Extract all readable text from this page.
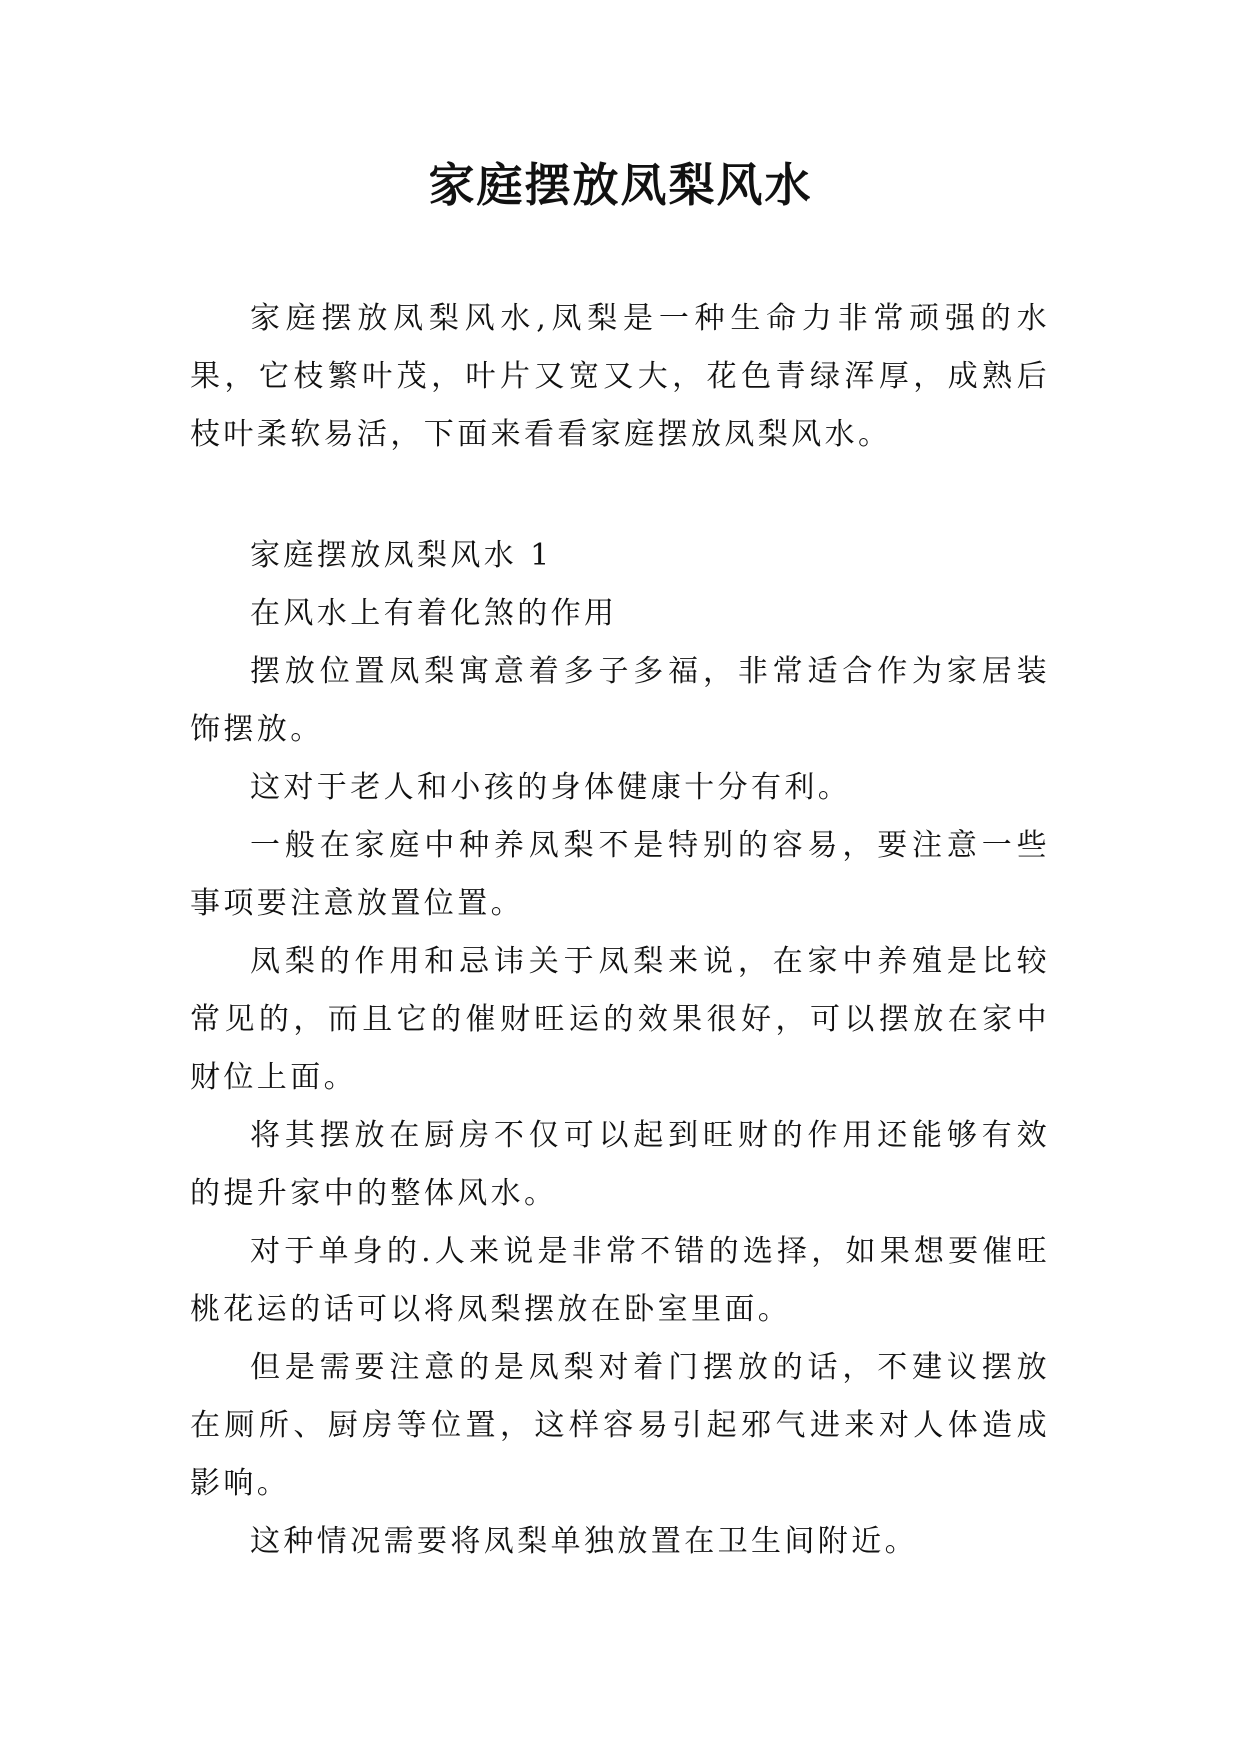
家庭摆放凤梨风水

家庭摆放凤梨风水,凤梨是一种生命力非常顽强的水果，它枝繁叶茂，叶片又宽又大，花色青绿浑厚，成熟后枝叶柔软易活，下面来看看家庭摆放凤梨风水。

家庭摆放凤梨风水 1

在风水上有着化煞的作用

摆放位置凤梨寓意着多子多福，非常适合作为家居装饰摆放。

这对于老人和小孩的身体健康十分有利。

一般在家庭中种养凤梨不是特别的容易，要注意一些事项要注意放置位置。

凤梨的作用和忌讳关于凤梨来说，在家中养殖是比较常见的，而且它的催财旺运的效果很好，可以摆放在家中财位上面。

将其摆放在厨房不仅可以起到旺财的作用还能够有效的提升家中的整体风水。

对于单身的.人来说是非常不错的选择，如果想要催旺桃花运的话可以将凤梨摆放在卧室里面。

但是需要注意的是凤梨对着门摆放的话，不建议摆放在厕所、厨房等位置，这样容易引起邪气进来对人体造成影响。

这种情况需要将凤梨单独放置在卫生间附近。
